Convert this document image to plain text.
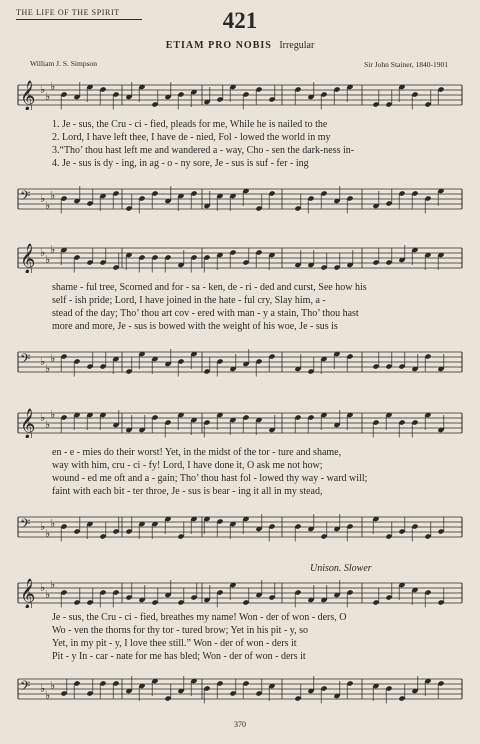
THE LIFE OF THE SPIRIT	421
ETIAM PRO NOBIS Irregular
William J. S. Simpson	Sir John Stainer, 1840-1901
Unison. Slower
𝄞 ♭
♭
♭
1. Je - sus, the Cru - ci - fied, pleads for me, While he is nailed to the
2. Lord, I have left thee, I have de - nied, Fol - lowed the world in my
3.“Tho’ thou hast left me and wandered a - way, Cho - sen the dark-ness in-
4. Je - sus is dy - ing, in ag - o - ny sore, Je - sus is suf - fer - ing
𝄢 ♭
♭
♭
𝄞 ♭
♭
♭
shame - ful tree, Scorned and for - sa - ken, de - ri - ded and curst, See how his
self - ish pride; Lord, I have joined in the hate - ful cry, Slay him, a -
stead of the day; Tho’ thou art cov - ered with man - y a stain, Tho’ thou hast
more and more, Je - sus is bowed with the weight of his woe, Je - sus is
𝄢 ♭
♭
♭
𝄞 ♭
♭
♭
en - e - mies do their worst! Yet, in the midst of the tor - ture and shame,
way with him, cru - ci - fy! Lord, I have done it, O ask me not how;
wound - ed me oft and a - gain; Tho’ thou hast fol - lowed thy way - ward will;
faint with each bit - ter throe, Je - sus is bear - ing it all in my stead,
𝄢 ♭
♭
♭
𝄞 ♭
♭
♭
Je - sus, the Cru - ci - fied, breathes my name! Won - der of won - ders, O
Wo - ven the thorns for thy tor - tured brow; Yet in his pit - y, so
Yet, in my pit - y, I love thee still.” Won - der of won - ders it
Pit - y In - car - nate for me has bled; Won - der of won - ders it
𝄢 ♭
♭
♭
370
